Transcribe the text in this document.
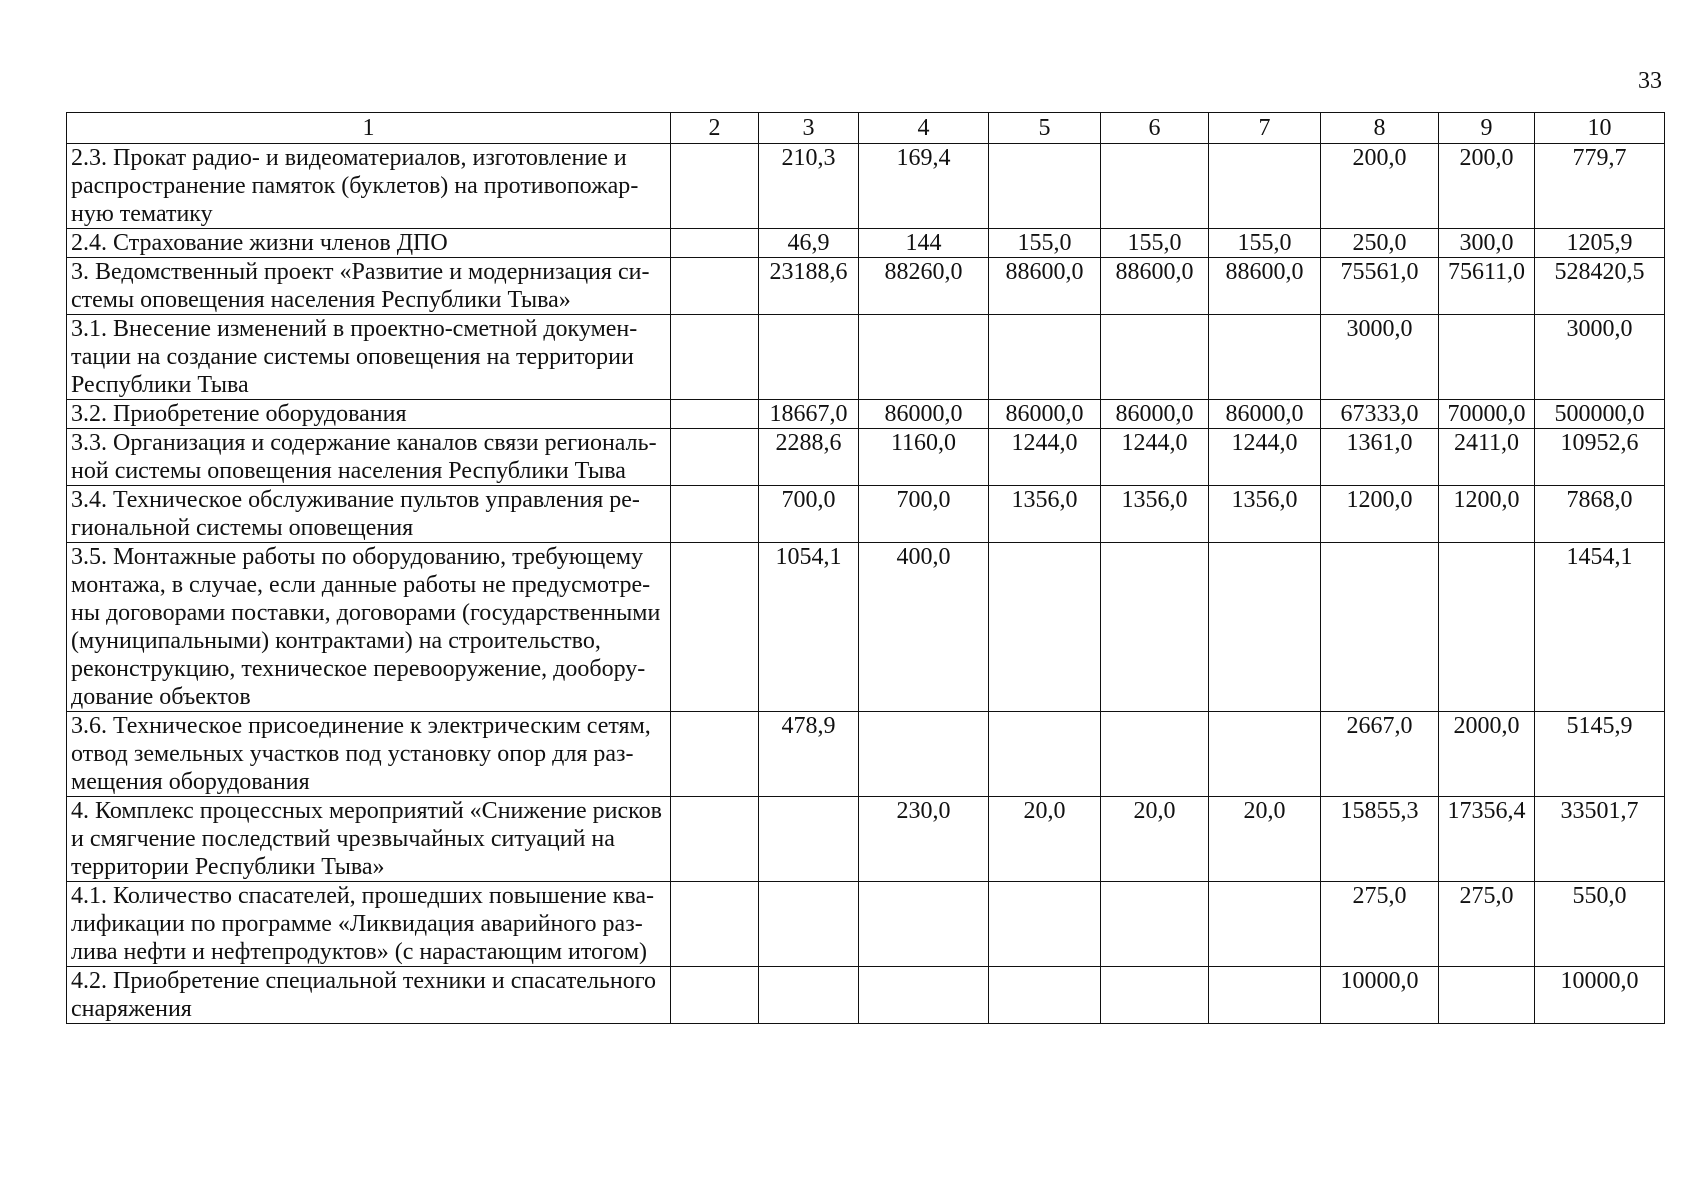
33
1	2	3	4	5	6	7	8	9	10
2.3. Прокат радио- и видеоматериалов, изготовление и распространение памяток (буклетов) на противопожарную тематику		210,3	169,4				200,0	200,0	779,7
2.4. Страхование жизни членов ДПО		46,9	144	155,0	155,0	155,0	250,0	300,0	1205,9
3. Ведомственный проект «Развитие и модернизация системы оповещения населения Республики Тыва»		23188,6	88260,0	88600,0	88600,0	88600,0	75561,0	75611,0	528420,5
3.1. Внесение изменений в проектно-сметной документации на создание системы оповещения на территории Республики Тыва							3000,0		3000,0
3.2. Приобретение оборудования		18667,0	86000,0	86000,0	86000,0	86000,0	67333,0	70000,0	500000,0
3.3. Организация и содержание каналов связи региональной системы оповещения населения Республики Тыва		2288,6	1160,0	1244,0	1244,0	1244,0	1361,0	2411,0	10952,6
3.4. Техническое обслуживание пультов управления региональной системы оповещения		700,0	700,0	1356,0	1356,0	1356,0	1200,0	1200,0	7868,0
3.5. Монтажные работы по оборудованию, требующему монтажа, в случае, если данные работы не предусмотрены договорами поставки, договорами (государственными (муниципальными) контрактами) на строительство, реконструкцию, техническое перевооружение, дооборудование объектов		1054,1	400,0						1454,1
3.6. Техническое присоединение к электрическим сетям, отвод земельных участков под установку опор для размещения оборудования		478,9					2667,0	2000,0	5145,9
4. Комплекс процессных мероприятий «Снижение рисков и смягчение последствий чрезвычайных ситуаций на территории Республики Тыва»			230,0	20,0	20,0	20,0	15855,3	17356,4	33501,7
4.1. Количество спасателей, прошедших повышение квалификации по программе «Ликвидация аварийного разлива нефти и нефтепродуктов» (с нарастающим итогом)							275,0	275,0	550,0
4.2. Приобретение специальной техники и спасательного снаряжения							10000,0		10000,0
